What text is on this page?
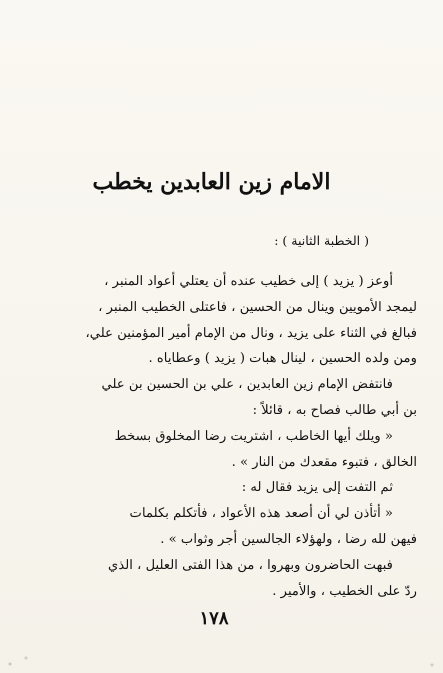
الامام زين العابدين يخطب
( الخطبة الثانية ) :
أوعز ( يزيد ) إلى خطيب عنده أن يعتلي أعواد المنبر ،
ليمجد الأمويين وينال من الحسين ، فاعتلى الخطيب المنبر ،
فبالغ في الثناء على يزيد ، ونال من الإمام أمير المؤمنين علي،
ومن ولده الحسين ، لينال هبات ( يزيد ) وعطاياه .
فانتفض الإمام زين العابدين ، علي بن الحسين بن علي
بن أبي طالب فصاح به ، قائلاً :
« ويلك أيها الخاطب ، اشتريت رضا المخلوق بسخط
الخالق ، فتبوء مقعدك من النار » .
ثم التفت إلى يزيد فقال له :
« أتأذن لي أن أصعد هذه الأعواد ، فأتكلم بكلمات
فيهن لله رضا ، ولهؤلاء الجالسين أجر وثواب » .
فبهت الحاضرون وبهروا ، من هذا الفتى العليل ، الذي
ردّ على الخطيب ، والأمير .
١٧٨
